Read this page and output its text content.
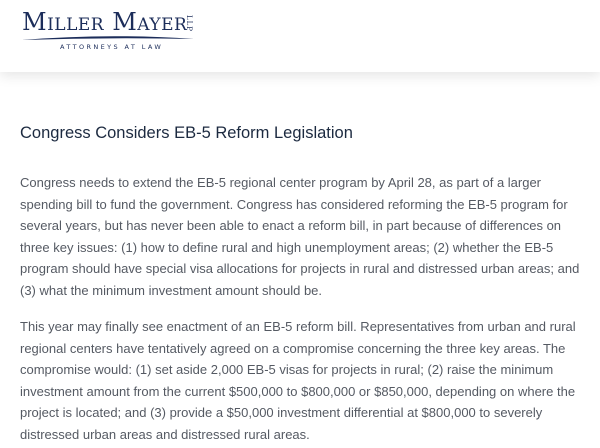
Miller Mayer
LLP
ATTORNEYS AT LAW
Congress Considers EB-5 Reform Legislation

Congress needs to extend the EB-5 regional center program by April 28, as part of a larger spending bill to fund the government. Congress has considered reforming the EB-5 program for several years, but has never been able to enact a reform bill, in part because of differences on three key issues: (1) how to define rural and high unemployment areas; (2) whether the EB-5 program should have special visa allocations for projects in rural and distressed urban areas; and (3) what the minimum investment amount should be.

This year may finally see enactment of an EB-5 reform bill. Representatives from urban and rural regional centers have tentatively agreed on a compromise concerning the three key areas. The compromise would: (1) set aside 2,000 EB-5 visas for projects in rural; (2) raise the minimum investment amount from the current $500,000 to $800,000 or $850,000, depending on where the project is located; and (3) provide a $50,000 investment differential at $800,000 to severely distressed urban areas and distressed rural areas.
